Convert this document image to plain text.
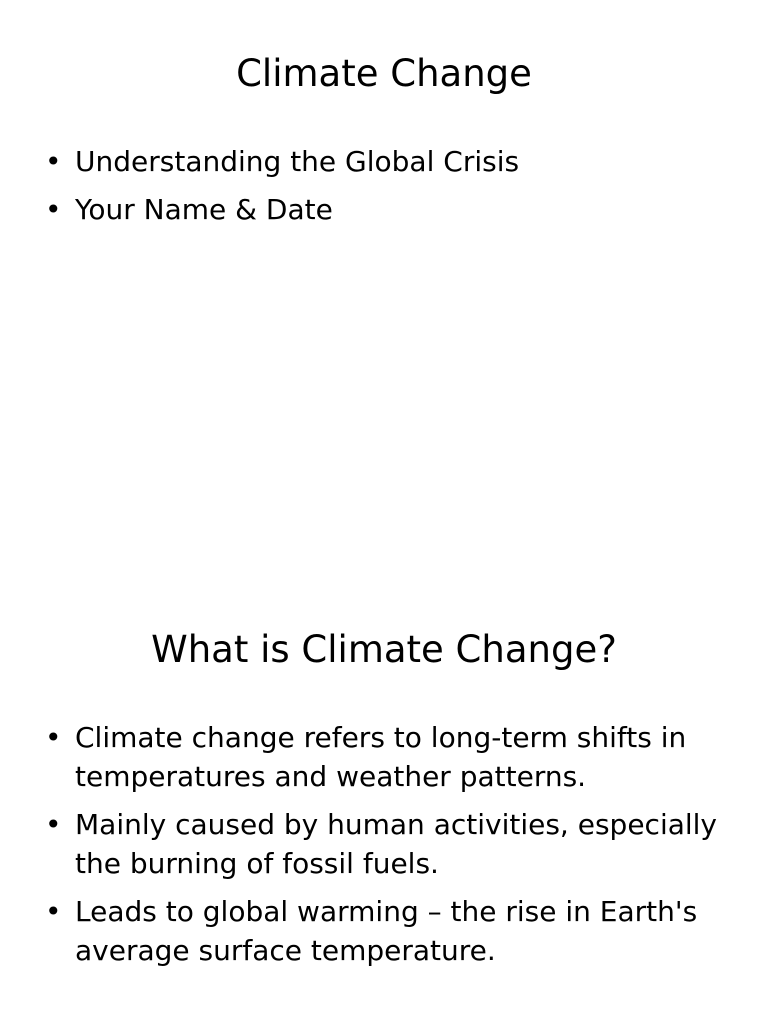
Climate Change
• Understanding the Global Crisis
• Your Name & Date
What is Climate Change?
• Climate change refers to long-term shifts in temperatures and weather patterns.
• Mainly caused by human activities, especially the burning of fossil fuels.
• Leads to global warming – the rise in Earth's average surface temperature.
